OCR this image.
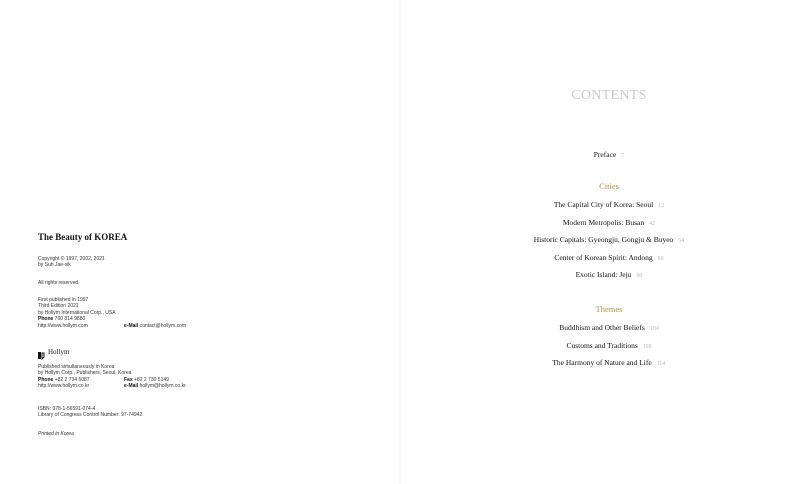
The Beauty of KOREA
Copyright © 1997, 2002, 2021
by Suh Jae-sik
All rights reserved.
First published in 1997
Third Edition 2021
by Hollym International Corp., USA
Phone 760 814 9880
http://www.hollym.com	e-Mail contact@hollym.com
Hollym
Published simultaneously in Korea
by Hollym Corp., Publishers, Seoul, Korea
Phone +82 2 734 5087	Fax +82 2 730 5149
http://www.hollym.co.kr	e-Mail hollym@hollym.co.kr
ISBN: 978-1-56591-074-4
Library of Congress Control Number: 97-74942
Printed in Korea
CONTENTS
Preface 7
Cities
The Capital City of Korea: Seoul 12
Modern Metropolis: Busan 42
Historic Capitals: Gyeongju, Gongju & Buyeo 54
Center of Korean Spirit: Andong 80
Exotic Island: Jeju 90
Themes
Buddhism and Other Beliefs 104
Customs and Traditions 118
The Harmony of Nature and Life 164
